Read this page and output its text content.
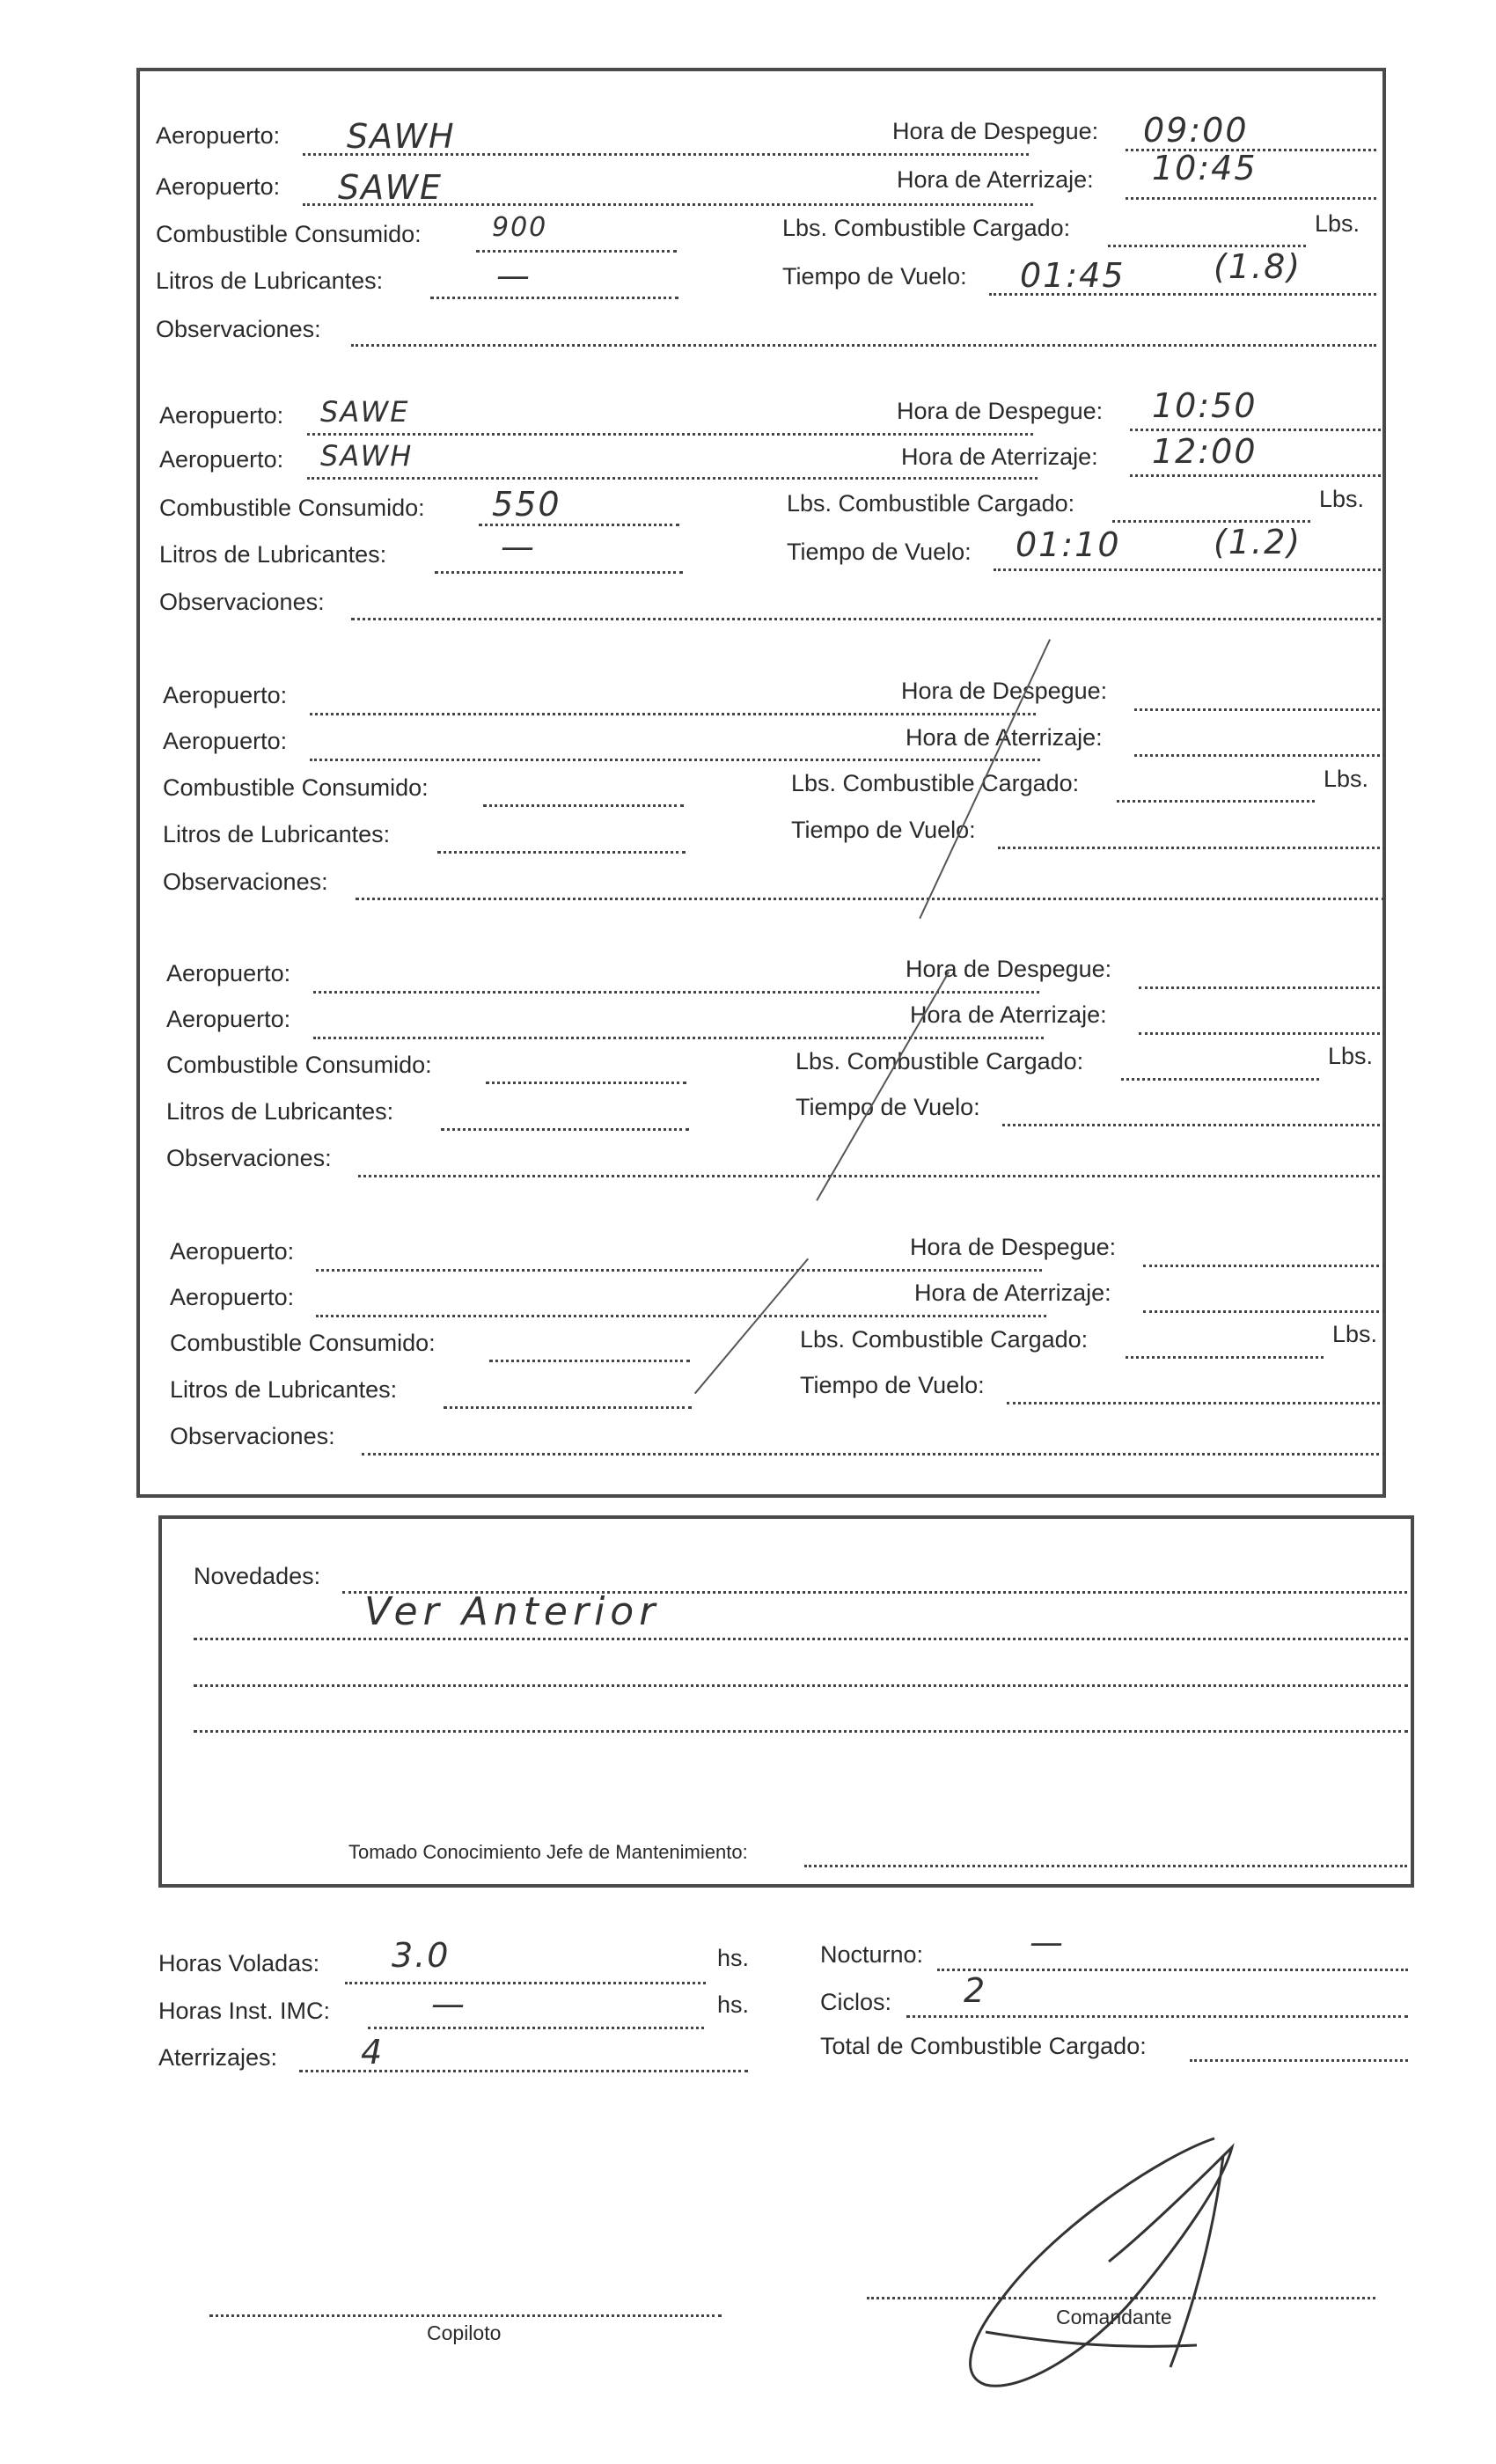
Aeropuerto: SAWH	Hora de Despegue: 09:00
Aeropuerto: SAWE	Hora de Aterrizaje: 10:45
Combustible Consumido:	900	Lbs. Combustible Cargado:	Lbs.
Litros de Lubricantes:	—	Tiempo de Vuelo: 01:45	(1.8)
Observaciones:
Aeropuerto: SAWE	Hora de Despegue: 10:50
Aeropuerto: SAWH	Hora de Aterrizaje: 12:00
Combustible Consumido: 550	Lbs. Combustible Cargado:	Lbs.
Litros de Lubricantes:	—	Tiempo de Vuelo: 01:10	(1.2)
Observaciones:
Aeropuerto:	Hora de Despegue:
Aeropuerto:	Hora de Aterrizaje:
Combustible Consumido:	Lbs. Combustible Cargado:	Lbs.
Litros de Lubricantes:	Tiempo de Vuelo:
Observaciones:
Aeropuerto:	Hora de Despegue:
Aeropuerto:	Hora de Aterrizaje:
Combustible Consumido:	Lbs. Combustible Cargado:	Lbs.
Litros de Lubricantes:	Tiempo de Vuelo:
Observaciones:
Aeropuerto:	Hora de Despegue:
Aeropuerto:	Hora de Aterrizaje:
Combustible Consumido:	Lbs. Combustible Cargado:	Lbs.
Litros de Lubricantes:	Tiempo de Vuelo:
Observaciones:
Novedades:
Ver Anterior
Tomado Conocimiento Jefe de Mantenimiento:
Horas Voladas: 3.0	hs.
Horas Inst. IMC:	—	hs.
Aterrizajes: 4
Nocturno:	—
Ciclos: 2
Total de Combustible Cargado:
Copiloto
Comandante
